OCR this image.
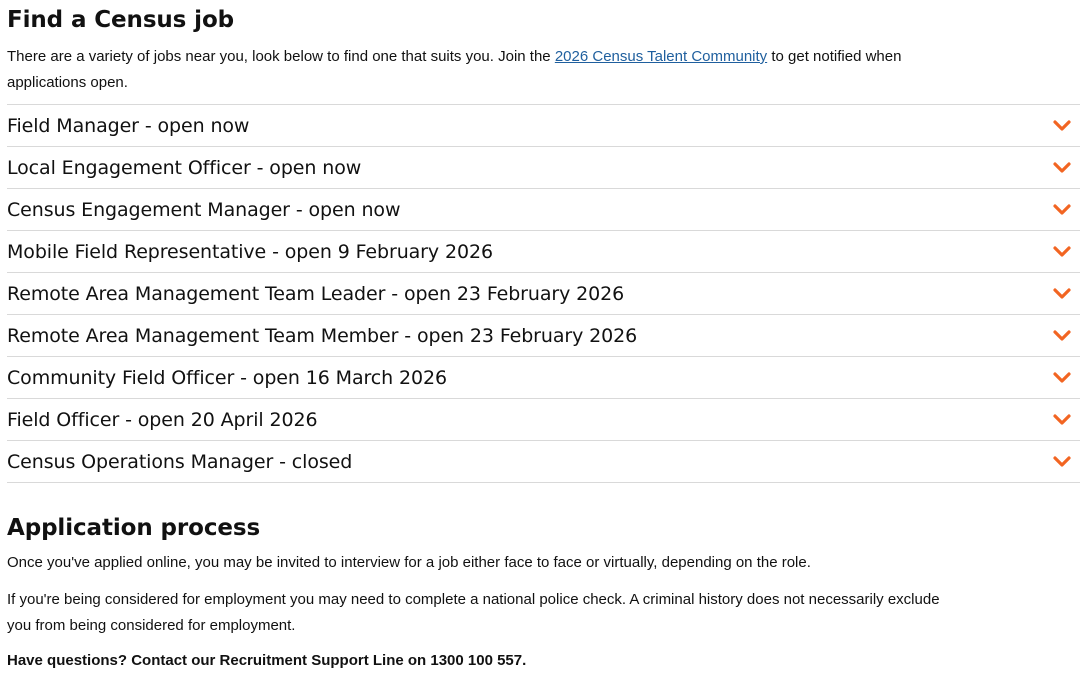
Find a Census job

There are a variety of jobs near you, look below to find one that suits you. Join the 2026 Census Talent Community to get notified when applications open.

Field Manager - open now
Local Engagement Officer - open now
Census Engagement Manager - open now
Mobile Field Representative - open 9 February 2026
Remote Area Management Team Leader - open 23 February 2026
Remote Area Management Team Member - open 23 February 2026
Community Field Officer - open 16 March 2026
Field Officer - open 20 April 2026
Census Operations Manager - closed
Application process

Once you've applied online, you may be invited to interview for a job either face to face or virtually, depending on the role.

If you're being considered for employment you may need to complete a national police check. A criminal history does not necessarily exclude you from being considered for employment.

Have questions? Contact our Recruitment Support Line on 1300 100 557.
